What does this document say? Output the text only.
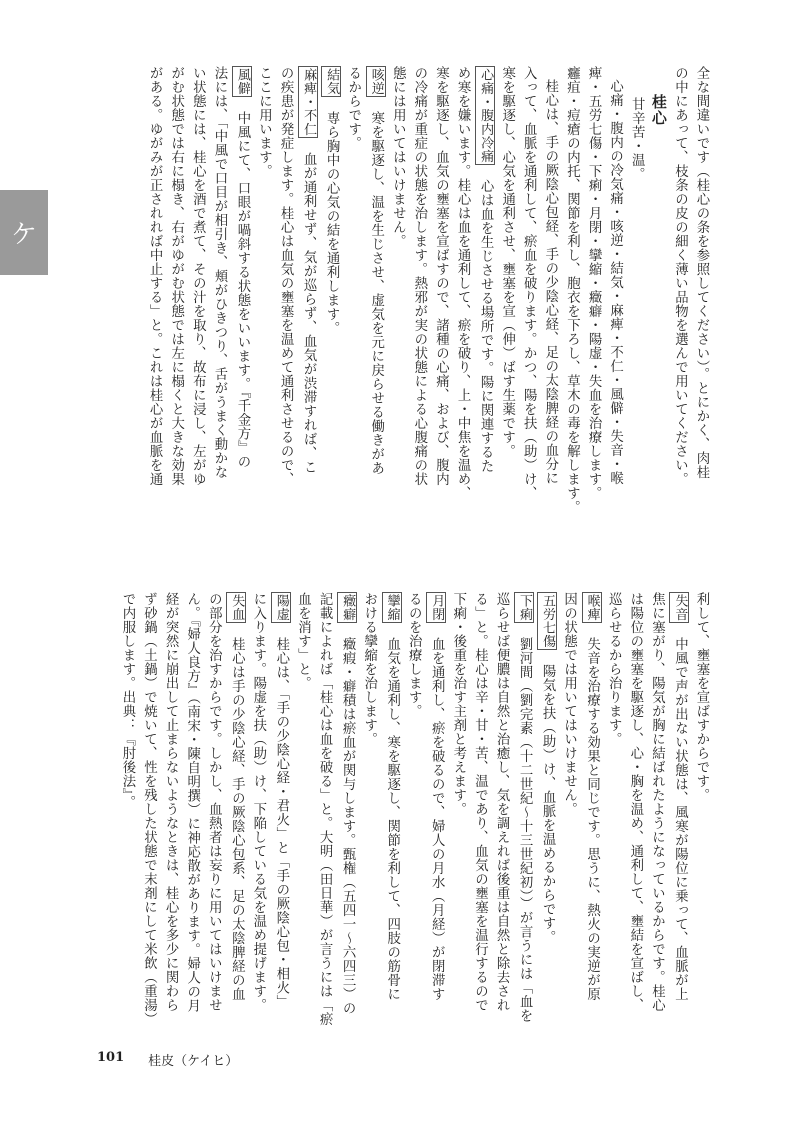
ケ	全な間違いです（桂心の条を参照してください）。とにかく、肉桂
の中にあって、枝条の皮の細く薄い品物を選んで用いてください。
桂心
甘辛苦・温。
心痛・腹内の冷気痛・咳逆・結気・麻痺・不仁・風僻・失音・喉
痺・五労七傷・下痢・月閉・攣縮・癥癖・陽虚・失血を治療します。
癰疽・痘瘡の内托、関節を利し、胞衣を下ろし、草木の毒を解します。
桂心は、手の厥陰心包経、手の少陰心経、足の太陰脾経の血分に
入って、血脈を通利して、瘀血を破ります。かつ、陽を扶（助）け、
寒を駆逐し、心気を通利させ、壅塞を宣（伸）ばす生薬です。
心痛・腹内冷痛　心は血を生じさせる場所です。陽に関連するた
め寒を嫌います。桂心は血を通利して、瘀を破り、上・中焦を温め、
寒を駆逐し、血気の壅塞を宣ばすので、諸種の心痛、および、腹内
の冷痛が重症の状態を治します。熱邪が実の状態による心腹痛の状
態には用いてはいけません。
咳逆　寒を駆逐し、温を生じさせ、虚気を元に戻らせる働きがあ
るからです。
結気　専ら胸中の心気の結を通利します。
麻痺・不仁　血が通利せず、気が巡らず、血気が渋滞すれば、こ
の疾患が発症します。桂心は血気の壅塞を温めて通利させるので、
ここに用います。
風僻　中風にて、口眼が喎斜する状態をいいます。『千金方』の
法には、「中風で口目が相引き、頬がひきつり、舌がうまく動かな
い状態には、桂心を酒で煮て、その汁を取り、故布に浸し、左がゆ
がむ状態では右に榻き、右がゆがむ状態では左に榻くと大きな効果
がある。ゆがみが正されれば中止する」と。これは桂心が血脈を通
利して、壅塞を宣ばすからです。
失音　中風で声が出ない状態は、風寒が陽位に乗って、血脈が上
焦に塞がり、陽気が胸に結ばれたようになっているからです。桂心
は陽位の壅塞を駆逐し、心・胸を温め、通利して、壅結を宣ばし、
巡らせるから治ります。
喉痺　失音を治療する効果と同じです。思うに、熱火の実逆が原
因の状態では用いてはいけません。
五労七傷　陽気を扶（助）け、血脈を温めるからです。
下痢　劉河間（劉完素（十二世紀〜十三世紀初））が言うには「血を
巡らせば便膿は自然と治癒し、気を調えれば後重は自然と除去され
る」と。桂心は辛・甘・苦、温であり、血気の壅塞を温行するので
下痢・後重を治す主剤と考えます。
月閉　血を通利し、瘀を破るので、婦人の月水（月経）が閉滞す
るのを治療します。
攣縮　血気を通利し、寒を駆逐し、関節を利して、四肢の筋骨に
おける攣縮を治します。
癥癖　癥瘕・癖積は瘀血が関与します。甄権（五四一〜六四三）の
記載によれば「桂心は血を破る」と。大明（田日華）が言うには「瘀
血を消す」と。
陽虚　桂心は、「手の少陰心経・君火」と「手の厥陰心包・相火」
に入ります。陽虚を扶（助）け、下陥している気を温め提げます。
失血　桂心は手の少陰心経、手の厥陰心包系、足の太陰脾経の血
の部分を治すからです。しかし、血熱者は妄りに用いてはいけませ
ん。『婦人良方』（南宋・陳自明撰）に神応散があります。婦人の月
経が突然に崩出して止まらないようなときは、桂心を多少に関わら
ず砂鍋（土鍋）で焼いて、性を残した状態で末剤にして米飲（重湯）
で内服します。出典：『肘後法』。
101 桂皮（ケイヒ）
